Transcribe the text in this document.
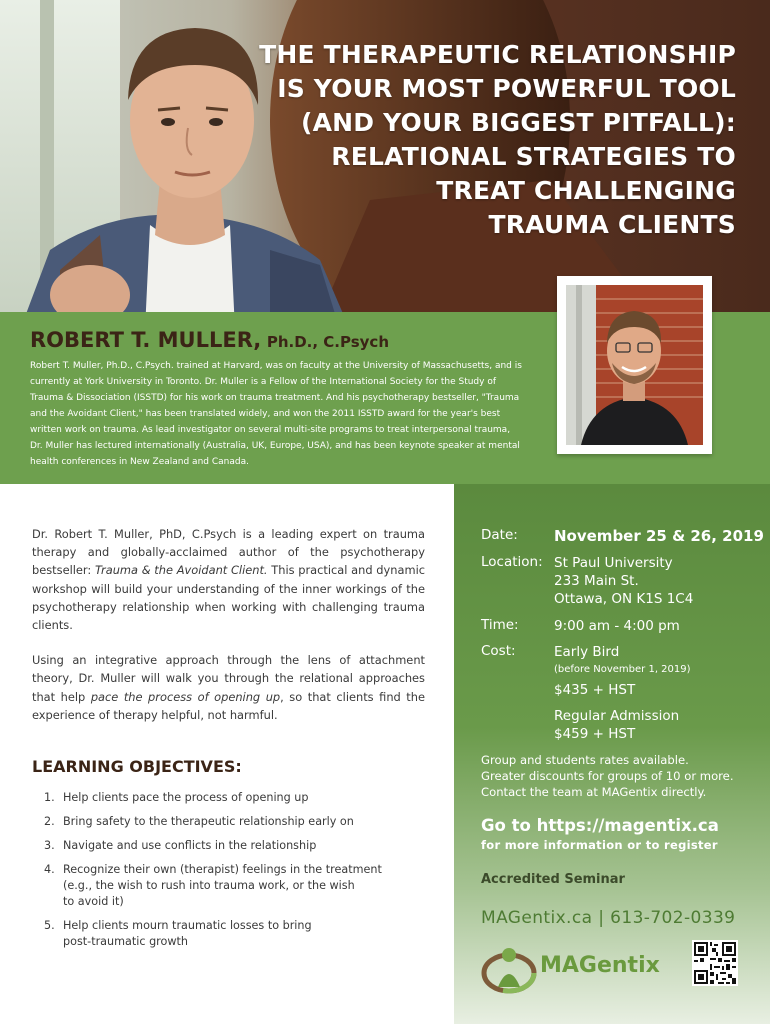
THE THERAPEUTIC RELATIONSHIP
IS YOUR MOST POWERFUL TOOL
(AND YOUR BIGGEST PITFALL):
RELATIONAL STRATEGIES TO
TREAT CHALLENGING
TRAUMA CLIENTS
ROBERT T. MULLER, Ph.D., C.Psych
Robert T. Muller, Ph.D., C.Psych. trained at Harvard, was on faculty at the University of Massachusetts, and is
currently at York University in Toronto. Dr. Muller is a Fellow of the International Society for the Study of
Trauma & Dissociation (ISSTD) for his work on trauma treatment. And his psychotherapy bestseller, "Trauma
and the Avoidant Client," has been translated widely, and won the 2011 ISSTD award for the year's best
written work on trauma. As lead investigator on several multi-site programs to treat interpersonal trauma,
Dr. Muller has lectured internationally (Australia, UK, Europe, USA), and has been keynote speaker at mental
health conferences in New Zealand and Canada.

Dr. Robert T. Muller, PhD, C.Psych is a leading expert on trauma therapy and globally-acclaimed author of the psychotherapy bestseller: Trauma & the Avoidant Client. This practical and dynamic workshop will build your understanding of the inner workings of the psychotherapy relationship when working with challenging trauma clients.

Using an integrative approach through the lens of attachment theory, Dr. Muller will walk you through the relational approaches that help pace the process of opening up, so that clients find the experience of therapy helpful, not harmful.

LEARNING OBJECTIVES:
1. Help clients pace the process of opening up
2. Bring safety to the therapeutic relationship early on
3. Navigate and use conflicts in the relationship
4. Recognize their own (therapist) feelings in the treatment
(e.g., the wish to rush into trauma work, or the wish
to avoid it)
5. Help clients mourn traumatic losses to bring
post-traumatic growth
Date: November 25 & 26, 2019
Location: St Paul University
233 Main St.
Ottawa, ON K1S 1C4
Time:	9:00 am - 4:00 pm
Cost:	Early Bird
(before November 1, 2019)
$435 + HST
Regular Admission
$459 + HST
Group and students rates available.
Greater discounts for groups of 10 or more.
Contact the team at MAGentix directly.
Go to https://magentix.ca
for more information or to register
Accredited Seminar
MAGentix.ca | 613-702-0339
MAGentix
